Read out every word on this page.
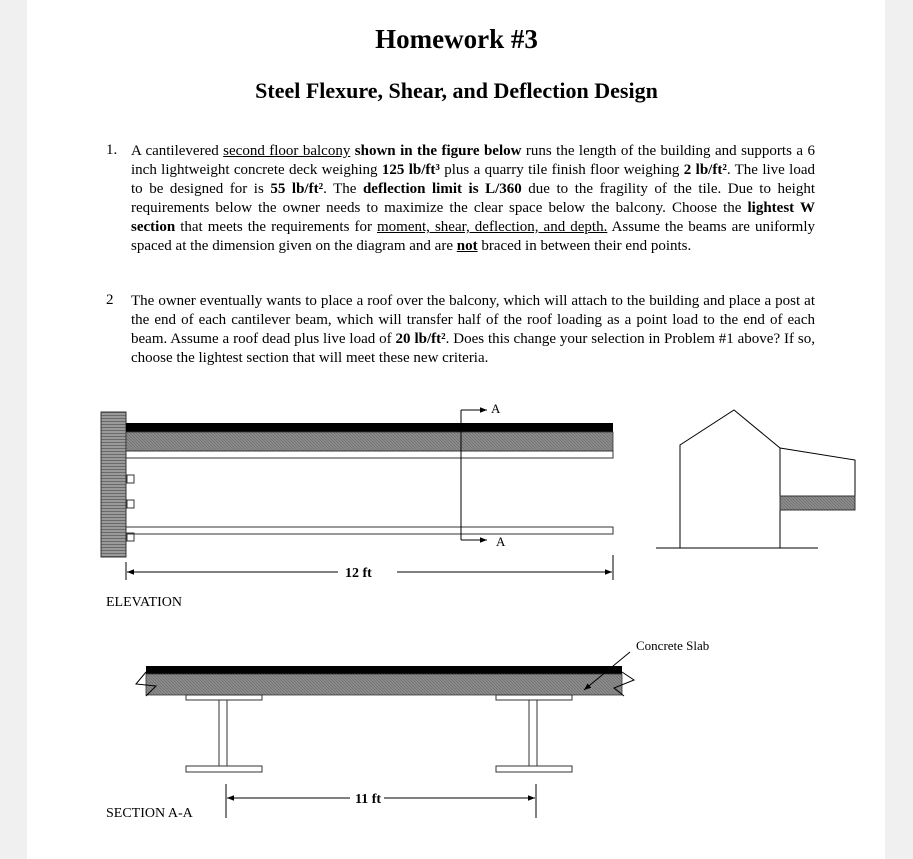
Homework #3
Steel Flexure, Shear, and Deflection Design
1. A cantilevered second floor balcony shown in the figure below runs the length of the building and supports a 6 inch lightweight concrete deck weighing 125 lb/ft³ plus a quarry tile finish floor weighing 2 lb/ft². The live load to be designed for is 55 lb/ft². The deflection limit is L/360 due to the fragility of the tile. Due to height requirements below the owner needs to maximize the clear space below the balcony. Choose the lightest W section that meets the requirements for moment, shear, deflection, and depth. Assume the beams are uniformly spaced at the dimension given on the diagram and are not braced in between their end points.
2 The owner eventually wants to place a roof over the balcony, which will attach to the building and place a post at the end of each cantilever beam, which will transfer half of the roof loading as a point load to the end of each beam. Assume a roof dead plus live load of 20 lb/ft². Does this change your selection in Problem #1 above? If so, choose the lightest section that will meet these new criteria.
A
A
12 ft
ELEVATION
Concrete Slab
11 ft
SECTION A-A
